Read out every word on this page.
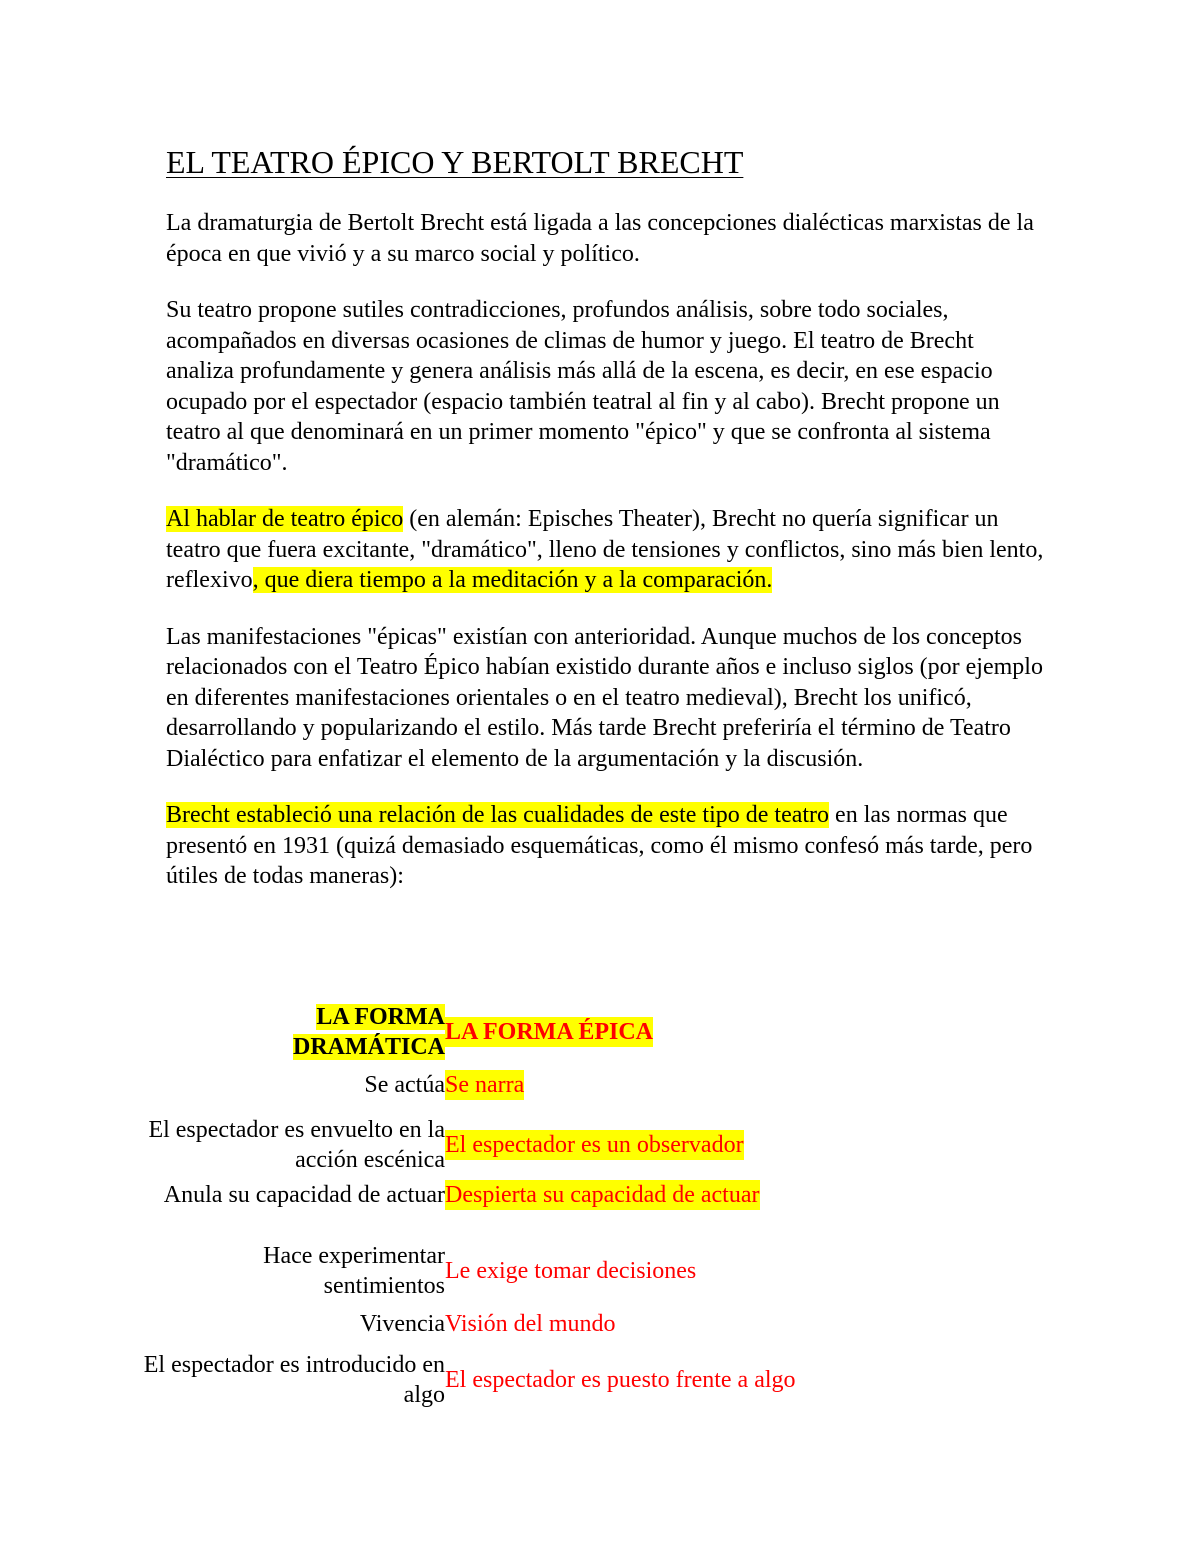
EL TEATRO ÉPICO Y BERTOLT BRECHT

La dramaturgia de Bertolt Brecht está ligada a las concepciones dialécticas marxistas de la época en que vivió y a su marco social y político.

Su teatro propone sutiles contradicciones, profundos análisis, sobre todo sociales, acompañados en diversas ocasiones de climas de humor y juego. El teatro de Brecht analiza profundamente y genera análisis más allá de la escena, es decir, en ese espacio ocupado por el espectador (espacio también teatral al fin y al cabo). Brecht propone un teatro al que denominará en un primer momento "épico" y que se confronta al sistema "dramático".

Al hablar de teatro épico (en alemán: Episches Theater), Brecht no quería significar un teatro que fuera excitante, "dramático", lleno de tensiones y conflictos, sino más bien lento, reflexivo, que diera tiempo a la meditación y a la comparación.

Las manifestaciones "épicas" existían con anterioridad. Aunque muchos de los conceptos relacionados con el Teatro Épico habían existido durante años e incluso siglos (por ejemplo en diferentes manifestaciones orientales o en el teatro medieval), Brecht los unificó, desarrollando y popularizando el estilo. Más tarde Brecht preferiría el término de Teatro Dialéctico para enfatizar el elemento de la argumentación y la discusión.

Brecht estableció una relación de las cualidades de este tipo de teatro en las normas que presentó en 1931 (quizá demasiado esquemáticas, como él mismo confesó más tarde, pero útiles de todas maneras):

LA FORMA
DRAMÁTICA
LA FORMA ÉPICA
Se actúa Se narra
El espectador es envuelto en la acción escénica
El espectador es un observador
Anula su capacidad de actuar Despierta su capacidad de actuar
Hace experimentar sentimientos
Le exige tomar decisiones
Vivencia Visión del mundo
El espectador es introducido en algo
El espectador es puesto frente a algo
